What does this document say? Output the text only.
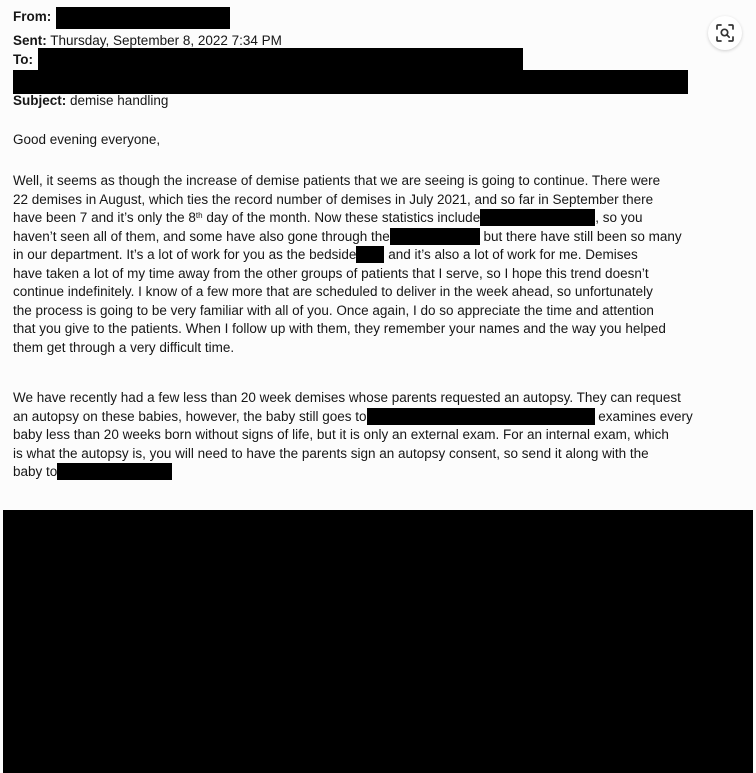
From:
Sent: Thursday, September 8, 2022 7:34 PM
To:
Subject: demise handling
Good evening everyone,
Well, it seems as though the increase of demise patients that we are seeing is going to continue. There were
22 demises in August, which ties the record number of demises in July 2021, and so far in September there
have been 7 and it’s only the 8th day of the month. Now these statistics include	, so you
haven’t seen all of them, and some have also gone through the	but there have still been so many
in our department. It’s a lot of work for you as the bedside and it’s also a lot of work for me. Demises
have taken a lot of my time away from the other groups of patients that I serve, so I hope this trend doesn’t
continue indefinitely. I know of a few more that are scheduled to deliver in the week ahead, so unfortunately
the process is going to be very familiar with all of you. Once again, I do so appreciate the time and attention
that you give to the patients. When I follow up with them, they remember your names and the way you helped
them get through a very difficult time.
We have recently had a few less than 20 week demises whose parents requested an autopsy. They can request
an autopsy on these babies, however, the baby still goes to	examines every
baby less than 20 weeks born without signs of life, but it is only an external exam. For an internal exam, which
is what the autopsy is, you will need to have the parents sign an autopsy consent, so send it along with the
baby to
